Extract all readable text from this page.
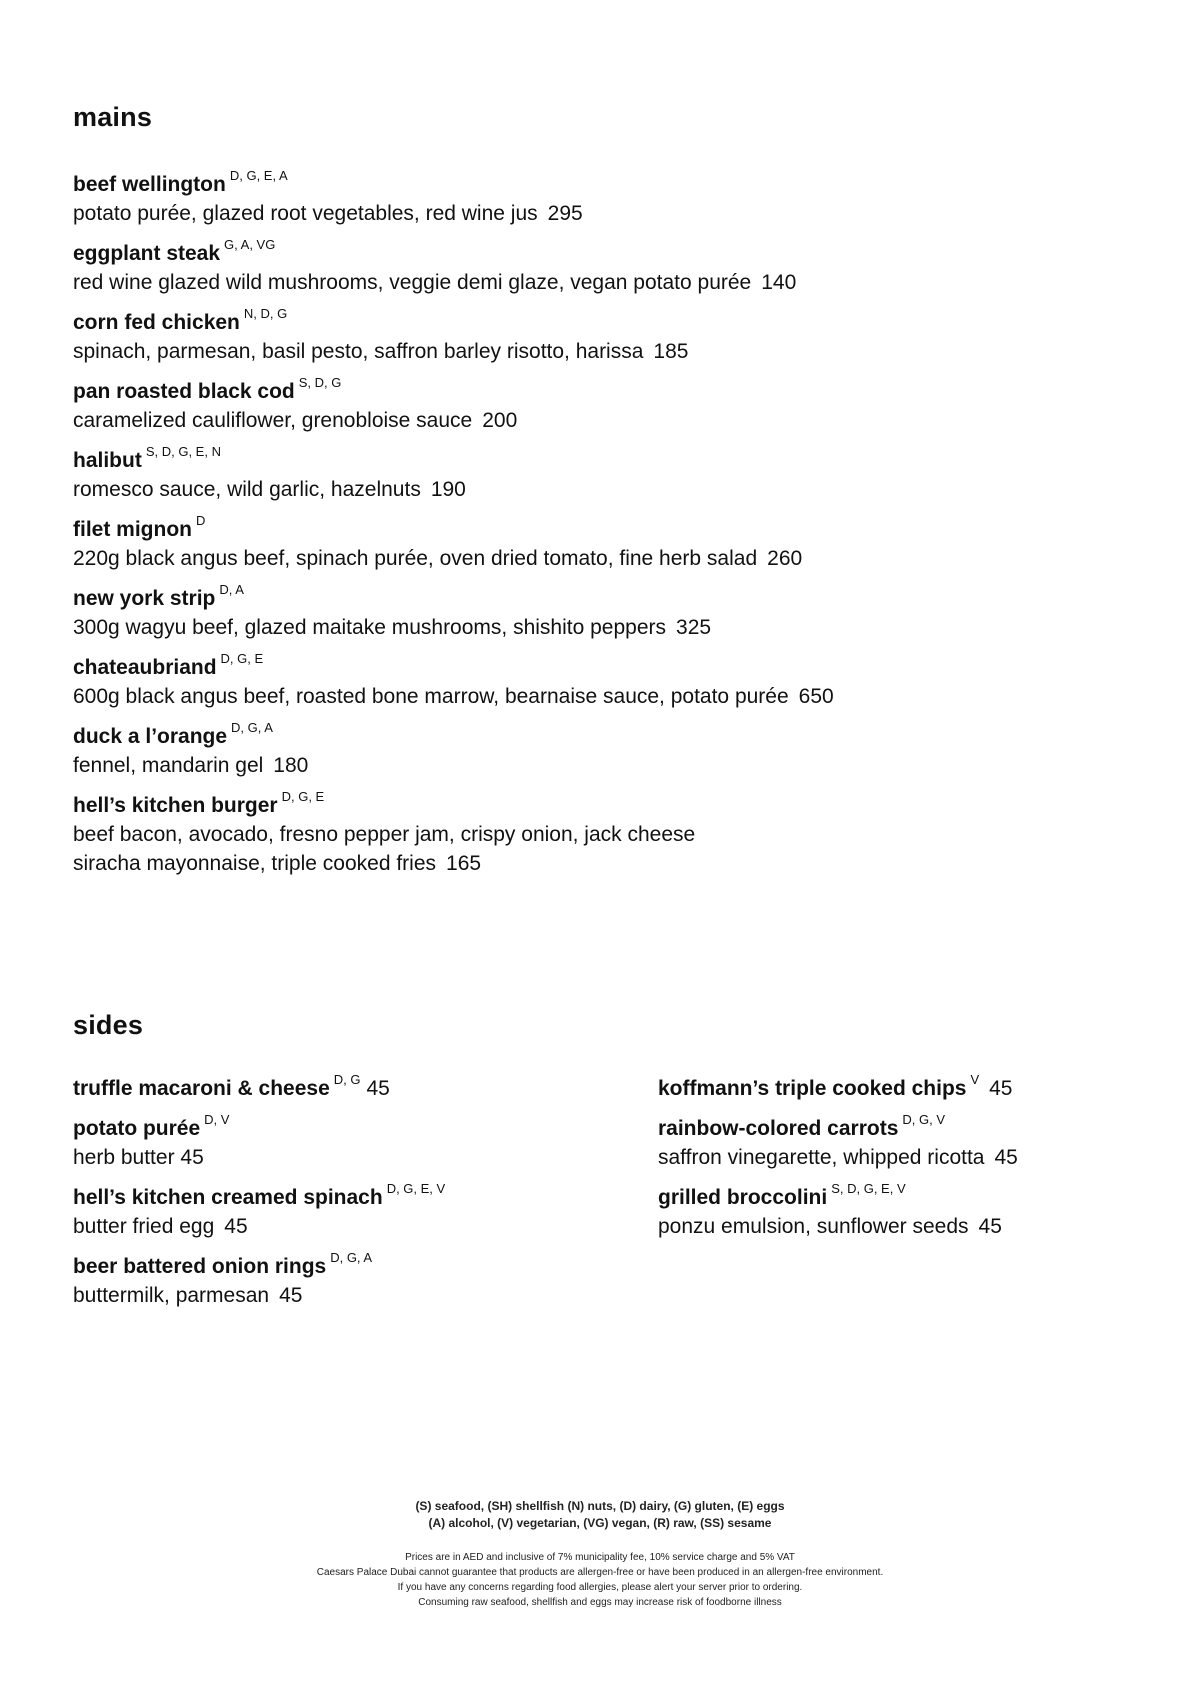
mains
beef wellington $^{D, G, E, A}$
potato purée, glazed root vegetables, red wine jus 295
eggplant steak $^{G, A, VG}$
red wine glazed wild mushrooms, veggie demi glaze, vegan potato purée 140
corn fed chicken $^{N, D, G}$
spinach, parmesan, basil pesto, saffron barley risotto, harissa 185
pan roasted black cod $^{S, D, G}$
caramelized cauliflower, grenobloise sauce 200
halibut $^{S, D, G, E, N}$
romesco sauce, wild garlic, hazelnuts 190
filet mignon $^D$
220g black angus beef, spinach purée, oven dried tomato, fine herb salad 260
new york strip $^{D, A}$
300g wagyu beef, glazed maitake mushrooms, shishito peppers 325
chateaubriand $^{D, G, E}$
600g black angus beef, roasted bone marrow, bearnaise sauce, potato purée 650
duck a l’orange $^{D, G, A}$
fennel, mandarin gel 180
hell’s kitchen burger $^{D, G, E}$
beef bacon, avocado, fresno pepper jam, crispy onion, jack cheese
siracha mayonnaise, triple cooked fries 165
sides
truffle macaroni & cheese $^{D, G}$ 45
potato purée $^{D, V}$
herb butter 45
hell’s kitchen creamed spinach $^{D, G, E, V}$
butter fried egg 45
beer battered onion rings $^{D, G, A}$
buttermilk, parmesan 45
koffmann’s triple cooked chips $^V$ 45
rainbow-colored carrots $^{D, G, V}$
saffron vinegarette, whipped ricotta 45
grilled broccolini $^{S, D, G, E, V}$
ponzu emulsion, sunflower seeds 45

(S) seafood, (SH) shellfish (N) nuts, (D) dairy, (G) gluten, (E) eggs

(A) alcohol, (V) vegetarian, (VG) vegan, (R) raw, (SS) sesame

Prices are in AED and inclusive of 7% municipality fee, 10% service charge and 5% VAT

Caesars Palace Dubai cannot guarantee that products are allergen-free or have been produced in an allergen-free environment.

If you have any concerns regarding food allergies, please alert your server prior to ordering.

Consuming raw seafood, shellfish and eggs may increase risk of foodborne illness
